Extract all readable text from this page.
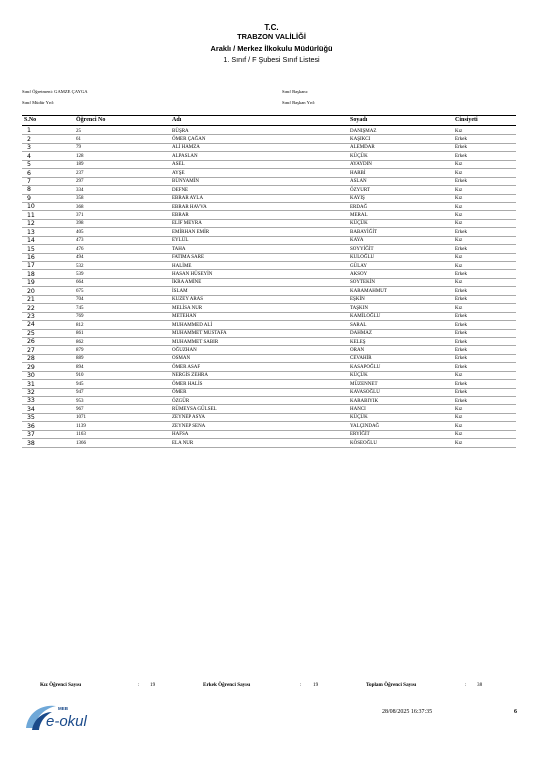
T.C.
TRABZON VALİLİĞİ
Araklı / Merkez İlkokulu Müdürlüğü
1. Sınıf / F Şubesi Sınıf Listesi
Sınıf Öğretmeni: GAMZE ÇAYGA
Sınıf Müdür Yrd:
Sınıf Başkanı:
Sınıf Başkan Yrd:
S.No	Öğrenci No	Adı	Soyadı	Cinsiyeti
1	25	BÜŞRA	DANIŞMAZ	Kız
2	61	ÖMER ÇAĞAN	KAŞIKCI	Erkek
3	79	ALİ HAMZA	ALEMDAR	Erkek
4	128	ALPASLAN	KÜÇÜK	Erkek
5	189	ASEL	AYAYDIN	Kız
6	237	AYŞE	HARBİ	Kız
7	297	BÜNYAMİN	ASLAN	Erkek
8	334	DEFNE	ÖZYURT	Kız
9	358	EBRAR AYLA	KAYIŞ	Kız
10	368	EBRAR HAVVA	ERDAĞ	Kız
11	371	EBRAR	MERAL	Kız
12	398	ELİF MEYRA	KÜÇÜK	Kız
13	405	EMİRHAN EMİR	BABAYİĞİT	Erkek
14	473	EYLÜL	KAYA	Kız
15	476	TAHA	SOYYİĞİT	Erkek
16	494	FATIMA SARE	KULOĞLU	Kız
17	532	HALİME	GÜLAY	Kız
18	539	HASAN HÜSEYİN	AKSOY	Erkek
19	664	İKRA AMİNE	SOYTEKİN	Kız
20	675	İSLAM	KARAMAHMUT	Erkek
21	704	KUZEY ARAS	EŞKİN	Erkek
22	745	MELİSA NUR	TAŞKIN	Kız
23	769	METEHAN	KAMİLOĞLU	Erkek
24	812	MUHAMMED ALİ	SARAL	Erkek
25	861	MUHAMMET MUSTAFA	DAHMAZ	Erkek
26	862	MUHAMMET SABIR	KELEŞ	Erkek
27	879	OĞUZHAN	ORAN	Erkek
28	889	OSMAN	CEVAHİR	Erkek
29	894	ÖMER ASAF	KASAPOĞLU	Erkek
30	910	NERGİS ZEHRA	KÜÇÜK	Kız
31	945	ÖMER HALİS	MÜZENNET	Erkek
32	947	ÖMER	KAVASOĞLU	Erkek
33	953	ÖZGÜR	KARABIYIK	Erkek
34	967	RÜMEYSA GÜLSEL	HANCI	Kız
35	1071	ZEYNEP ASYA	KÜÇÜK	Kız
36	1139	ZEYNEP SENA	YALÇINDAĞ	Kız
37	1163	HAFSA	ERYİĞİT	Kız
38	1366	ELA NUR	KÖSEOĞLU	Kız
Kız Öğrenci Sayısı	: 19	Erkek Öğrenci Sayısı	: 19	Toplam Öğrenci Sayısı	: 38
MEB
e-okul
28/08/2025 16:37:35	6
